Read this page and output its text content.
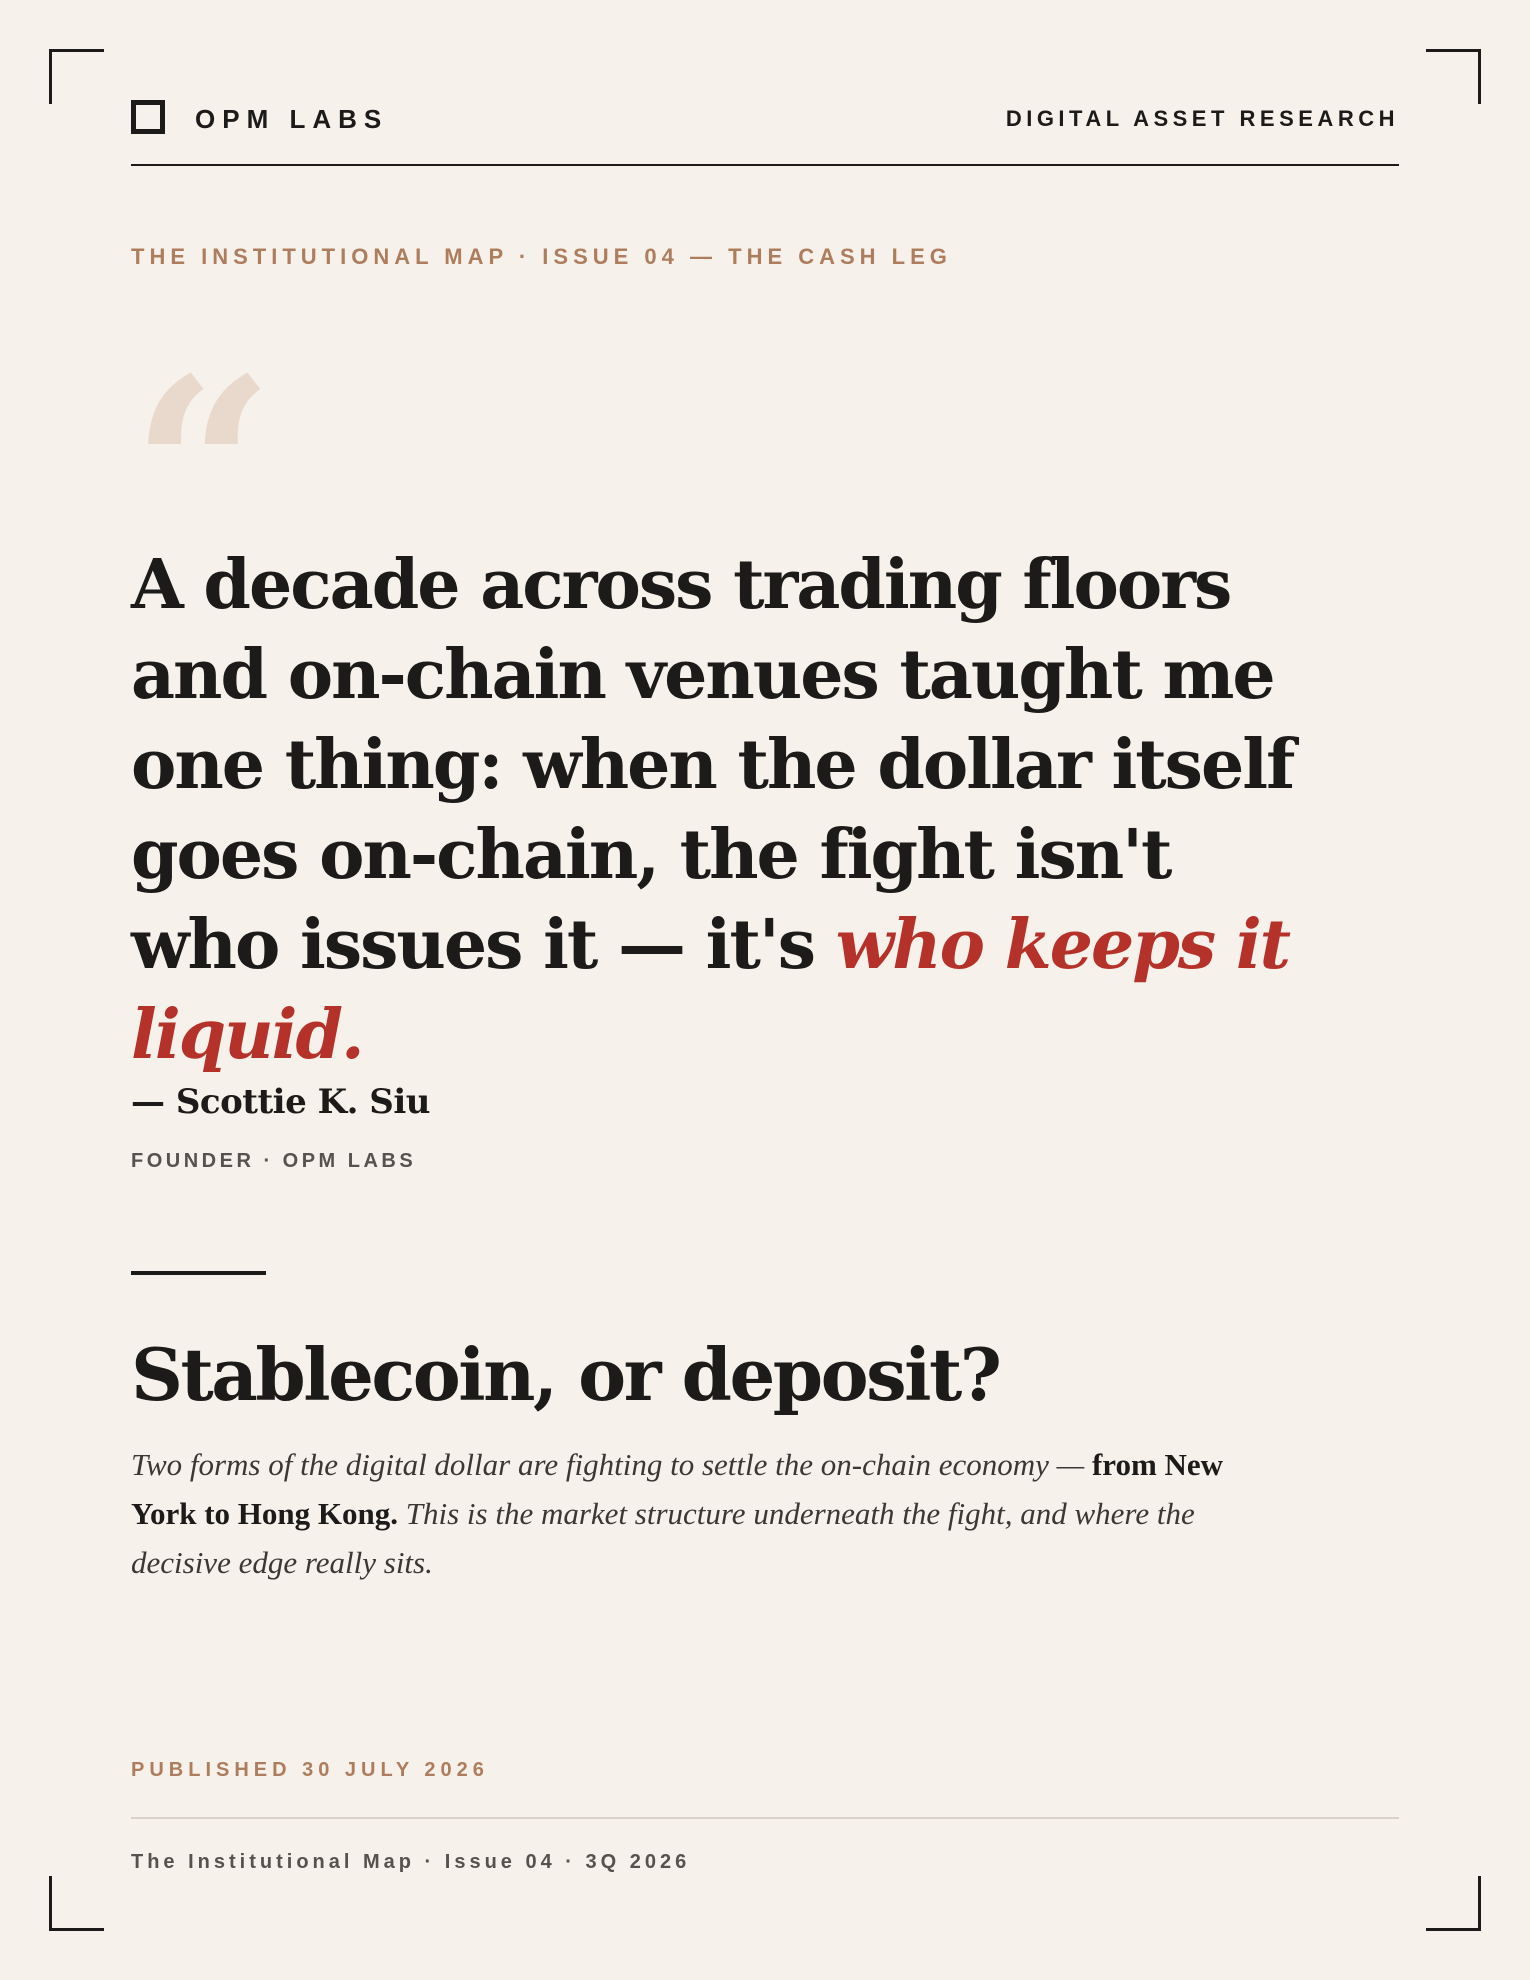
OPM LABS	DIGITAL ASSET RESEARCH
THE INSTITUTIONAL MAP · ISSUE 04 — THE CASH LEG
“
A decade across trading floors and on-chain venues taught me one thing: when the dollar itself goes on-chain, the fight isn't who issues it — it's who keeps it liquid.
— Scottie K. Siu
FOUNDER · OPM LABS
Stablecoin, or deposit?
Two forms of the digital dollar are fighting to settle the on-chain economy — from New York to Hong Kong. This is the market structure underneath the fight, and where the decisive edge really sits.
PUBLISHED 30 JULY 2026
The Institutional Map · Issue 04 · 3Q 2026
